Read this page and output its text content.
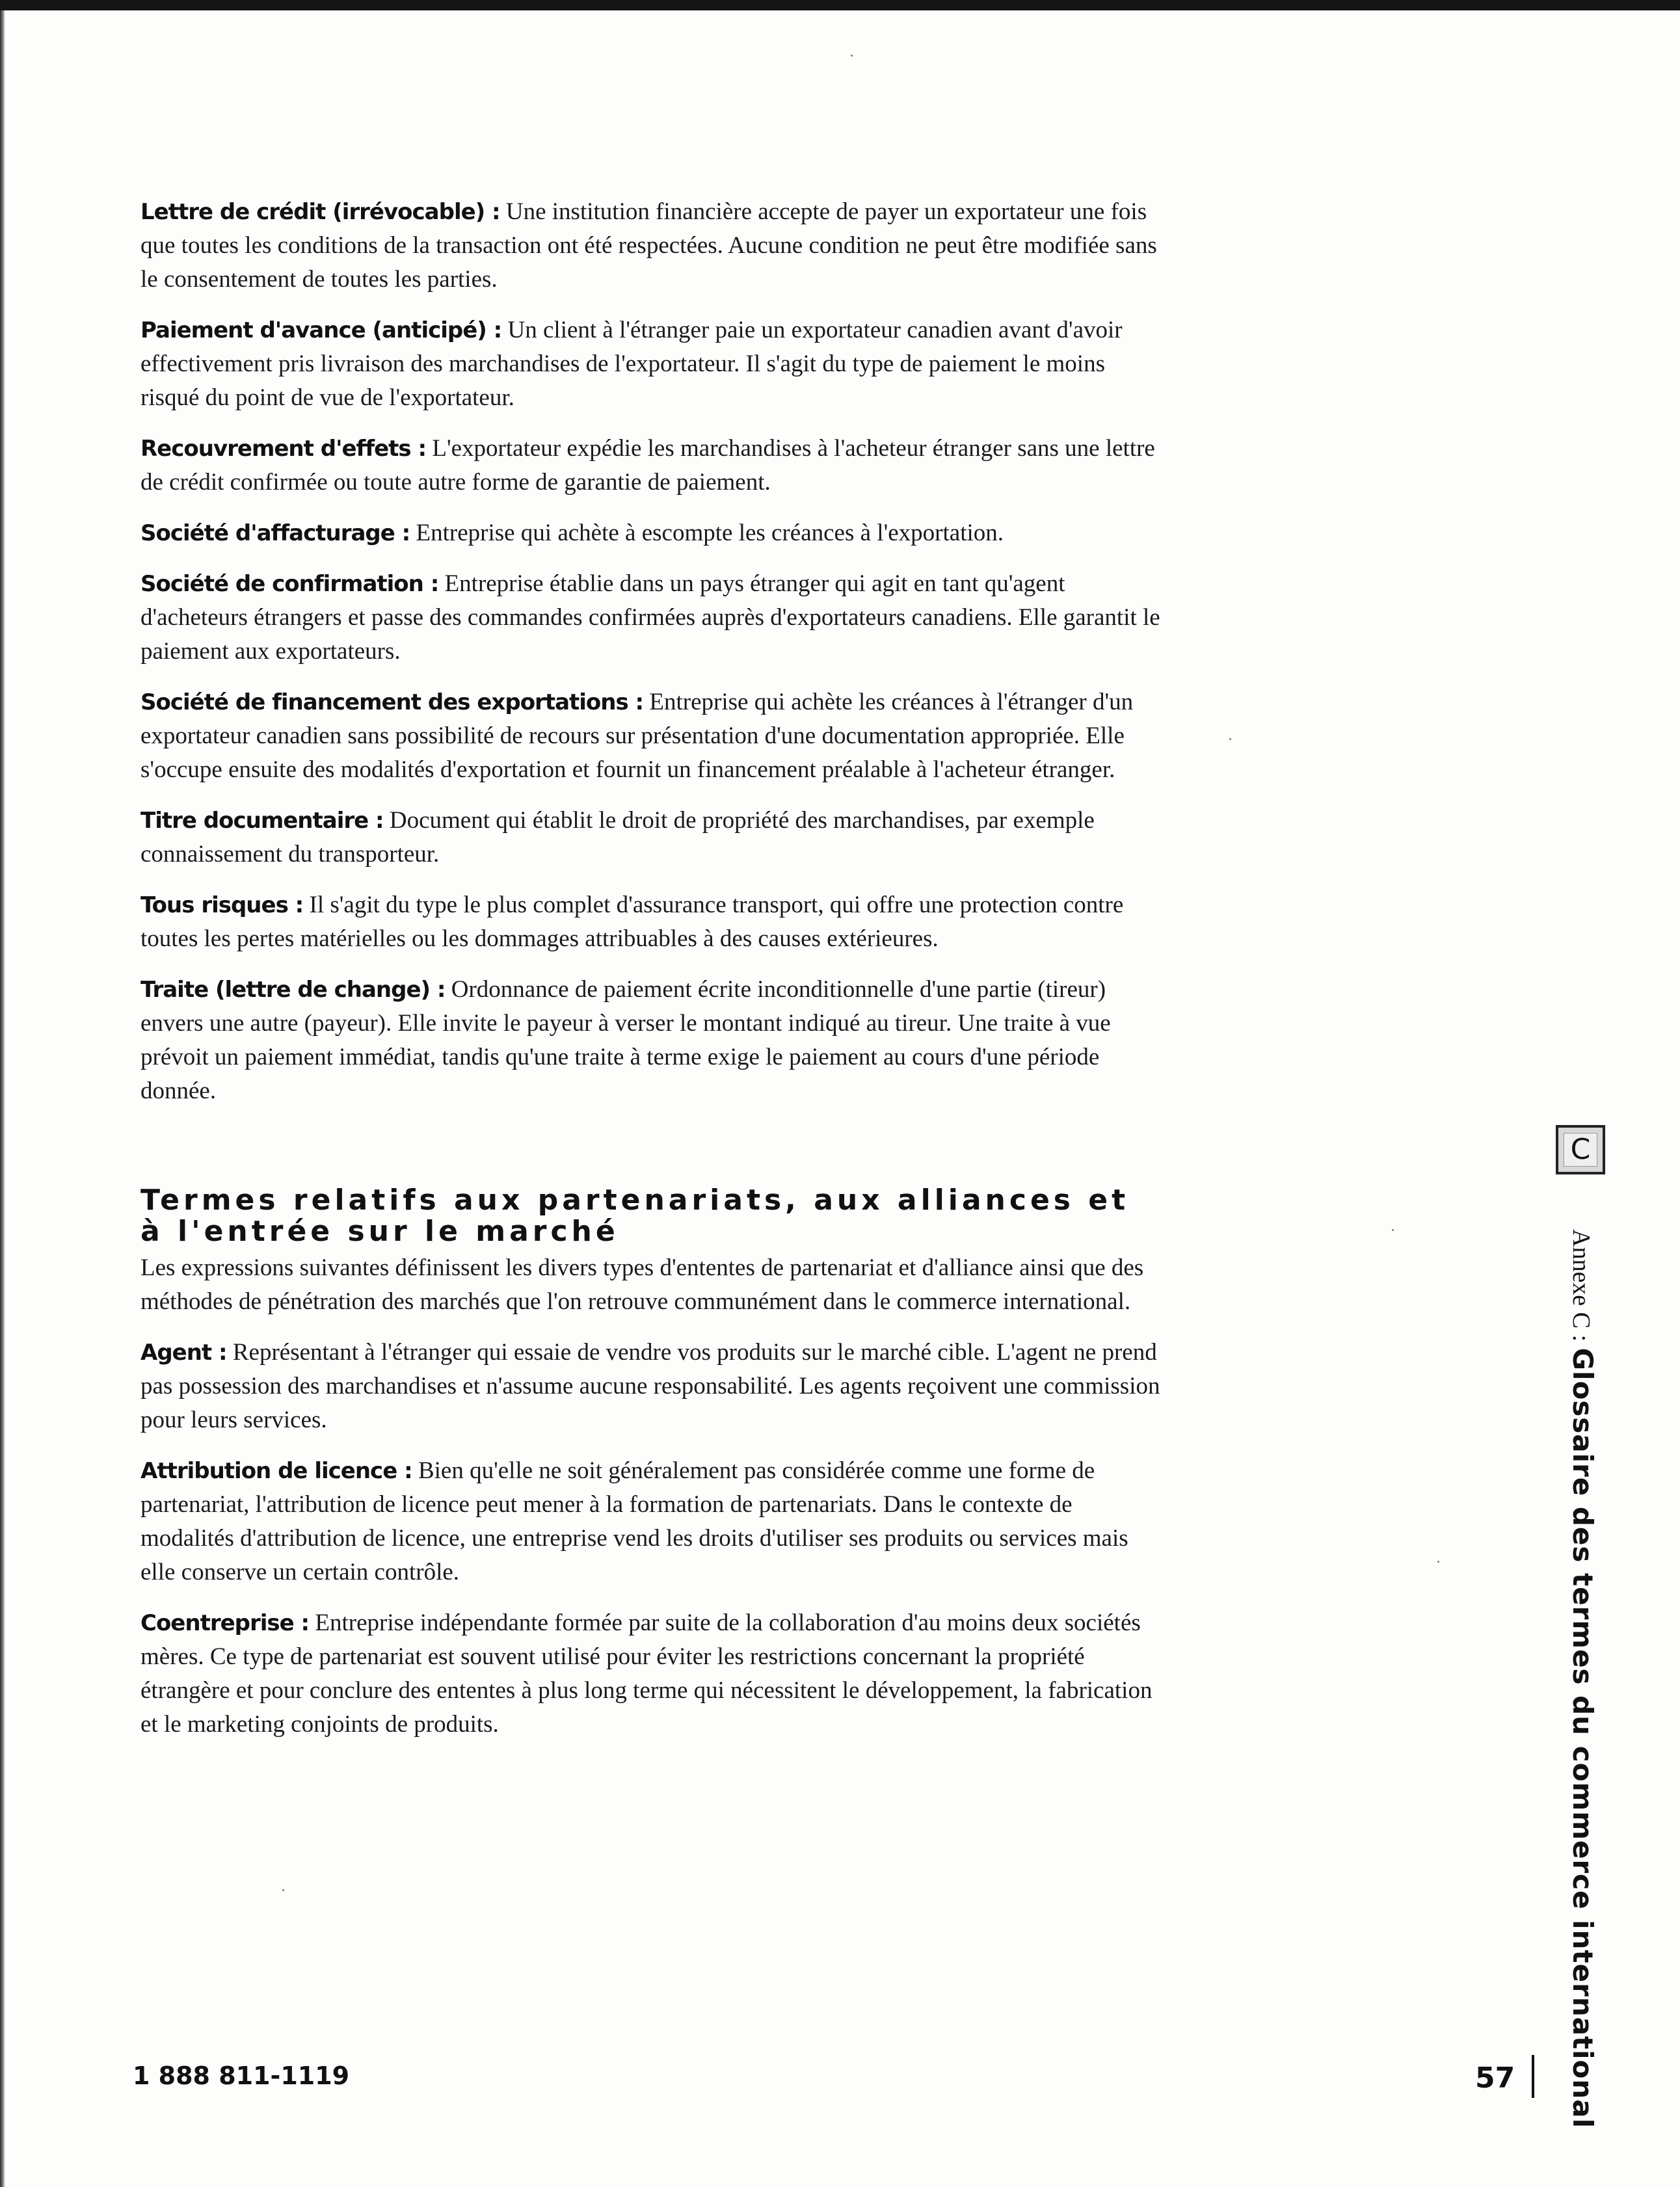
Lettre de crédit (irrévocable) : Une institution financière accepte de payer un exportateur une fois que toutes les conditions de la transaction ont été respectées. Aucune condition ne peut être modifiée sans le consentement de toutes les parties.

Paiement d'avance (anticipé) : Un client à l'étranger paie un exportateur canadien avant d'avoir effectivement pris livraison des marchandises de l'exportateur. Il s'agit du type de paiement le moins risqué du point de vue de l'exportateur.

Recouvrement d'effets : L'exportateur expédie les marchandises à l'acheteur étranger sans une lettre de crédit confirmée ou toute autre forme de garantie de paiement.

Société d'affacturage : Entreprise qui achète à escompte les créances à l'exportation.

Société de confirmation : Entreprise établie dans un pays étranger qui agit en tant qu'agent d'acheteurs étrangers et passe des commandes confirmées auprès d'exportateurs canadiens. Elle garantit le paiement aux exportateurs.

Société de financement des exportations : Entreprise qui achète les créances à l'étranger d'un exportateur canadien sans possibilité de recours sur présentation d'une documentation appropriée. Elle s'occupe ensuite des modalités d'exportation et fournit un financement préalable à l'acheteur étranger.

Titre documentaire : Document qui établit le droit de propriété des marchandises, par exemple connaissement du transporteur.

Tous risques : Il s'agit du type le plus complet d'assurance transport, qui offre une protection contre toutes les pertes matérielles ou les dommages attribuables à des causes extérieures.

Traite (lettre de change) : Ordonnance de paiement écrite inconditionnelle d'une partie (tireur) envers une autre (payeur). Elle invite le payeur à verser le montant indiqué au tireur. Une traite à vue prévoit un paiement immédiat, tandis qu'une traite à terme exige le paiement au cours d'une période donnée.

Termes relatifs aux partenariats, aux alliances et à l'entrée sur le marché

Les expressions suivantes définissent les divers types d'ententes de partenariat et d'alliance ainsi que des méthodes de pénétration des marchés que l'on retrouve communément dans le commerce international.

Agent : Représentant à l'étranger qui essaie de vendre vos produits sur le marché cible. L'agent ne prend pas possession des marchandises et n'assume aucune responsabilité. Les agents reçoivent une commission pour leurs services.

Attribution de licence : Bien qu'elle ne soit généralement pas considérée comme une forme de partenariat, l'attribution de licence peut mener à la formation de partenariats. Dans le contexte de modalités d'attribution de licence, une entreprise vend les droits d'utiliser ses produits ou services mais elle conserve un certain contrôle.

Coentreprise : Entreprise indépendante formée par suite de la collaboration d'au moins deux sociétés mères. Ce type de partenariat est souvent utilisé pour éviter les restrictions concernant la propriété étrangère et pour conclure des ententes à plus long terme qui nécessitent le développement, la fabrication et le marketing conjoints de produits.

C
Annexe C : Glossaire des termes du commerce international
1 888 811-1119	57
